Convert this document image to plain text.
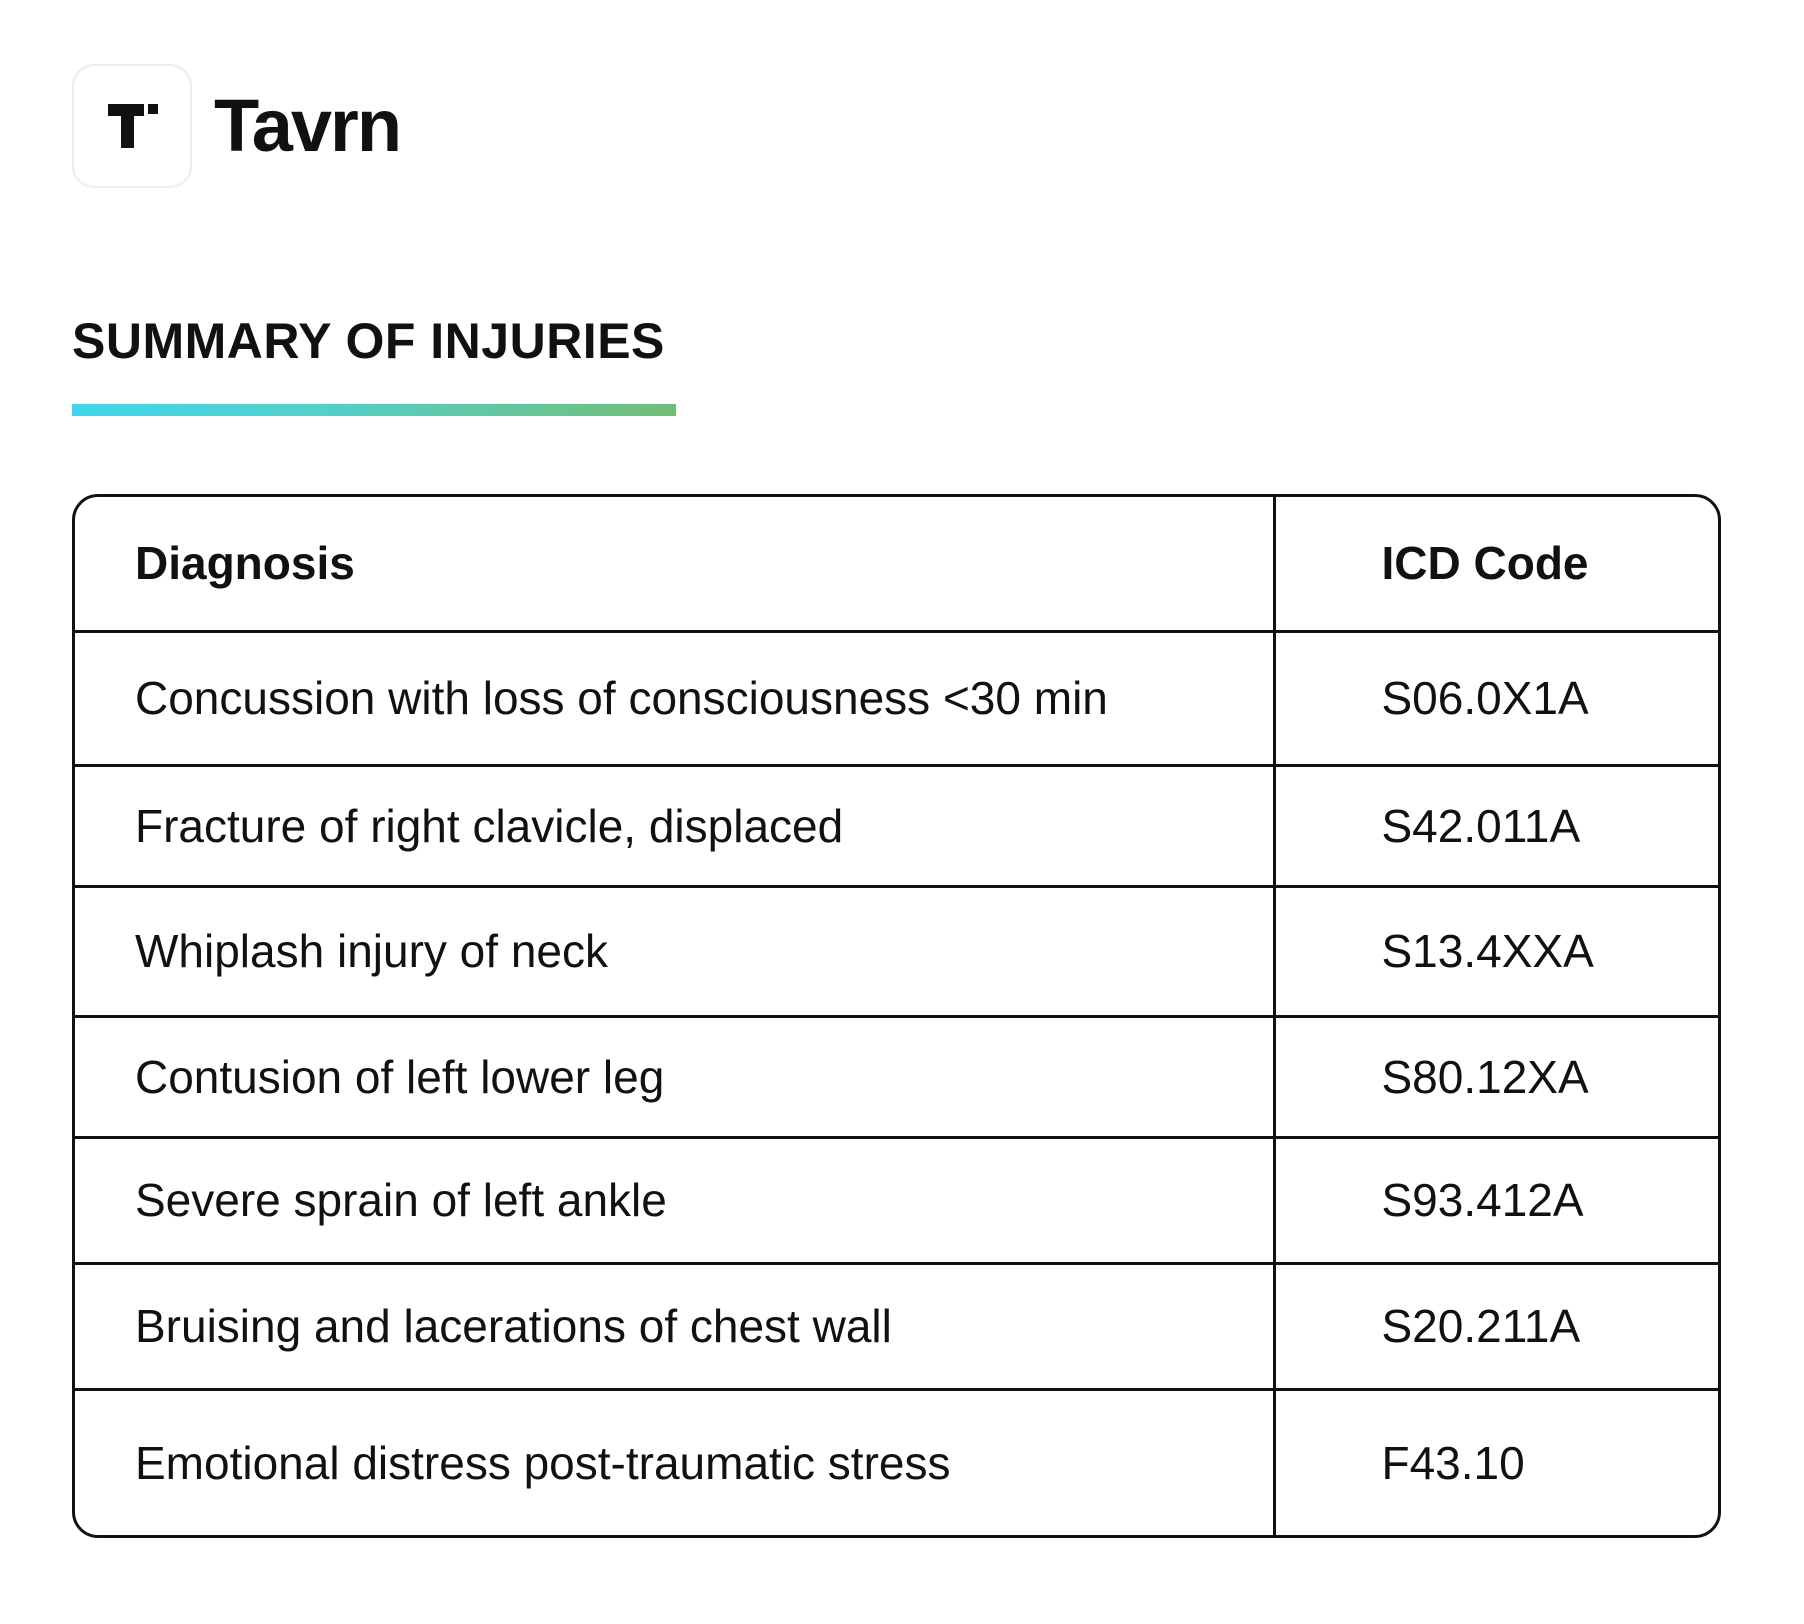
Tavrn
SUMMARY OF INJURIES
Diagnosis	ICD Code
Concussion with loss of consciousness <30 min	S06.0X1A
Fracture of right clavicle, displaced	S42.011A
Whiplash injury of neck	S13.4XXA
Contusion of left lower leg	S80.12XA
Severe sprain of left ankle	S93.412A
Bruising and lacerations of chest wall	S20.211A
Emotional distress post-traumatic stress	F43.10
